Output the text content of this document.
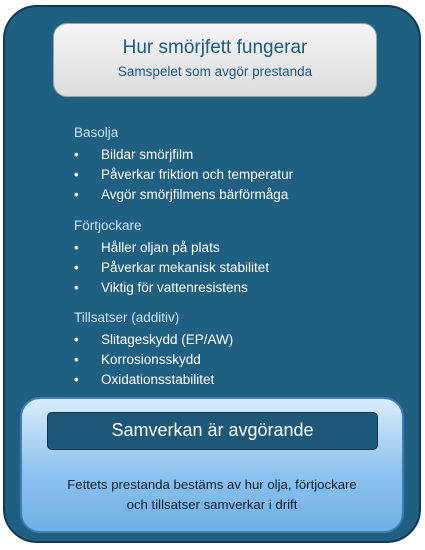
Hur smörjfett fungerar
Samspelet som avgör prestanda
Basolja
• Bildar smörjfilm
• Påverkar friktion och temperatur
• Avgör smörjfilmens bärförmåga
Förtjockare
• Håller oljan på plats
• Påverkar mekanisk stabilitet
• Viktig för vattenresistens
Tillsatser (additiv)
• Slitageskydd (EP/AW)
• Korrosionsskydd
• Oxidationsstabilitet
Samverkan är avgörande
Fettets prestanda bestäms av hur olja, förtjockare
och tillsatser samverkar i drift
